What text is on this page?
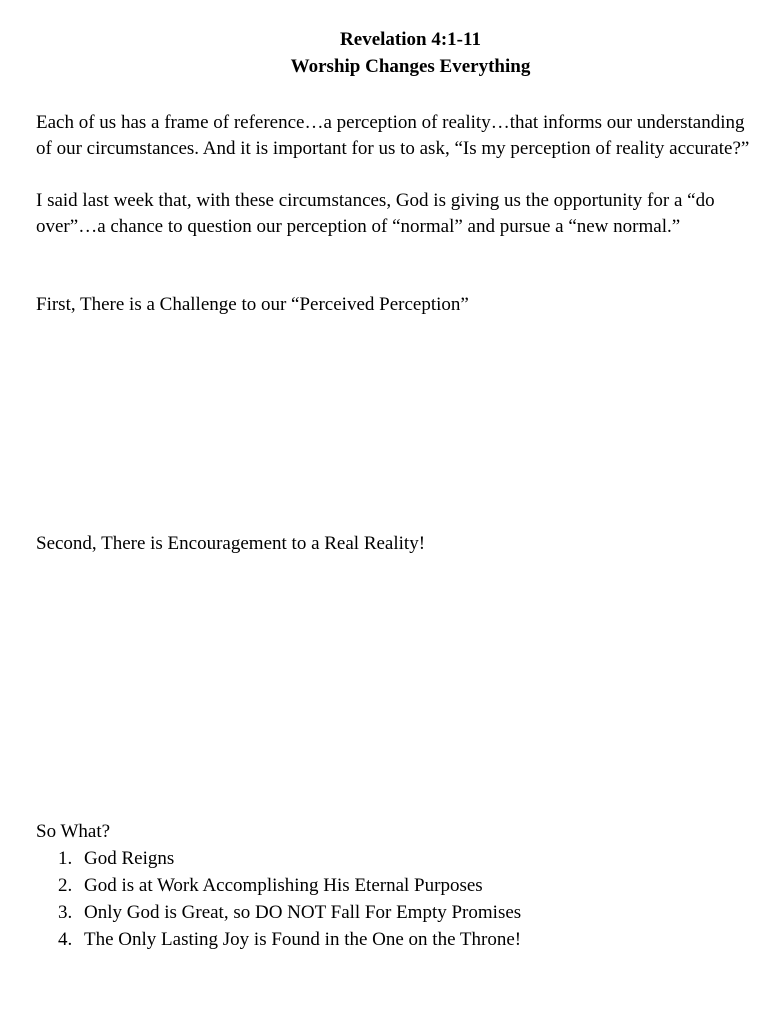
Revelation 4:1-11
Worship Changes Everything

Each of us has a frame of reference…a perception of reality…that informs our understanding of our circumstances. And it is important for us to ask, “Is my perception of reality accurate?”

I said last week that, with these circumstances, God is giving us the opportunity for a “do over”…a chance to question our perception of “normal” and pursue a “new normal.”

First, There is a Challenge to our “Perceived Perception”

Second, There is Encouragement to a Real Reality!

So What?

1. God Reigns
2. God is at Work Accomplishing His Eternal Purposes
3. Only God is Great, so DO NOT Fall For Empty Promises
4. The Only Lasting Joy is Found in the One on the Throne!
